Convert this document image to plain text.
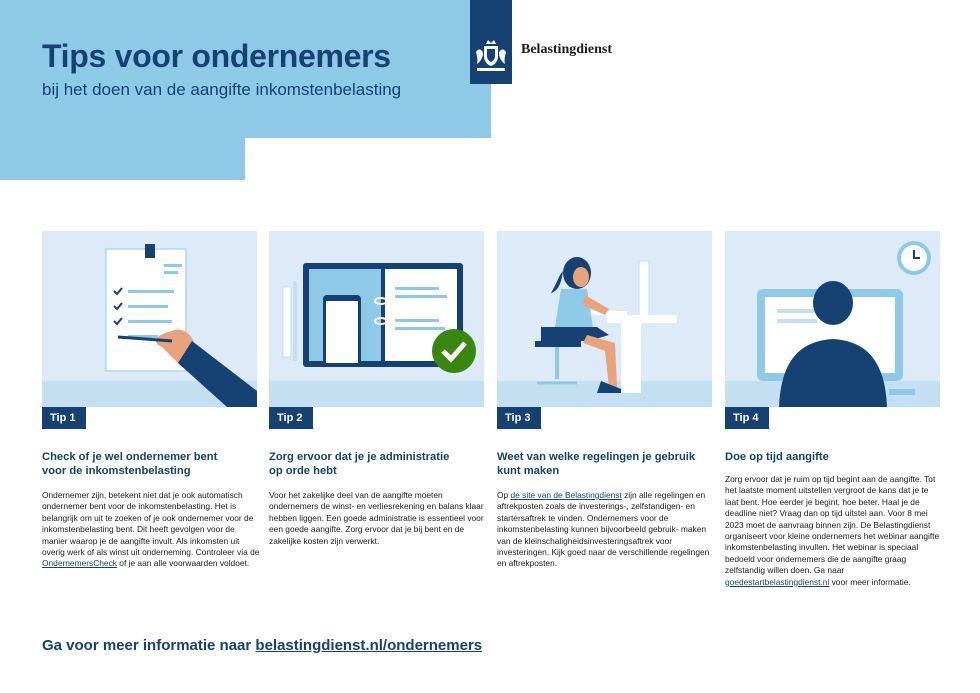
Tips voor ondernemers
bij het doen van de aangifte inkomstenbelasting
Belastingdienst
Tip 1
Check of je wel ondernemer bent
voor de inkomstenbelasting
Ondernemer zijn, betekent niet dat je ook automatisch ondernemer bent voor de inkomstenbelasting. Het is belangrijk om uit te zoeken of je ook ondernemer voor de inkomstenbelasting bent. Dit heeft gevolgen voor de manier waarop je de aangifte invult. Als inkomsten uit overig werk of als winst uit onderneming. Controleer via de OndernemersCheck of je aan alle voorwaarden voldoet.
Tip 2
Zorg ervoor dat je je administratie
op orde hebt
Voor het zakelijke deel van de aangifte moeten ondernemers de winst- en verliesrekening en balans klaar hebben liggen. Een goede administratie is essentieel voor een goede aangifte. Zorg ervoor dat je bij bent en de zakelijke kosten zijn verwerkt.
Tip 3
Weet van welke regelingen je gebruik
kunt maken
Op de site van de Belastingdienst zijn alle regelingen en aftrekposten zoals de investerings-, zelfstandigen- en startersaftrek te vinden. Ondernemers voor de inkomstenbelasting kunnen bijvoorbeeld gebruik- maken van de kleinschaligheidsinvesteringsaftrek voor investeringen. Kijk goed naar de verschillende regelingen en aftrekposten.
Tip 4
Doe op tijd aangifte
Zorg ervoor dat je ruim op tijd begint aan de aangifte. Tot het laatste moment uitstellen vergroot de kans dat je te laat bent. Hoe eerder je begint, hoe beter. Haal je de deadline niet? Vraag dan op tijd uitstel aan. Voor 8 mei 2023 moet de aanvraag binnen zijn. De Belastingdienst organiseert voor kleine ondernemers het webinar aangifte inkomstenbelasting invullen. Het webinar is speciaal bedoeld voor ondernemers die de aangifte graag zelfstandig willen doen. Ga naar goedestartbelastingdienst.nl voor meer informatie.
Ga voor meer informatie naar belastingdienst.nl/ondernemers
